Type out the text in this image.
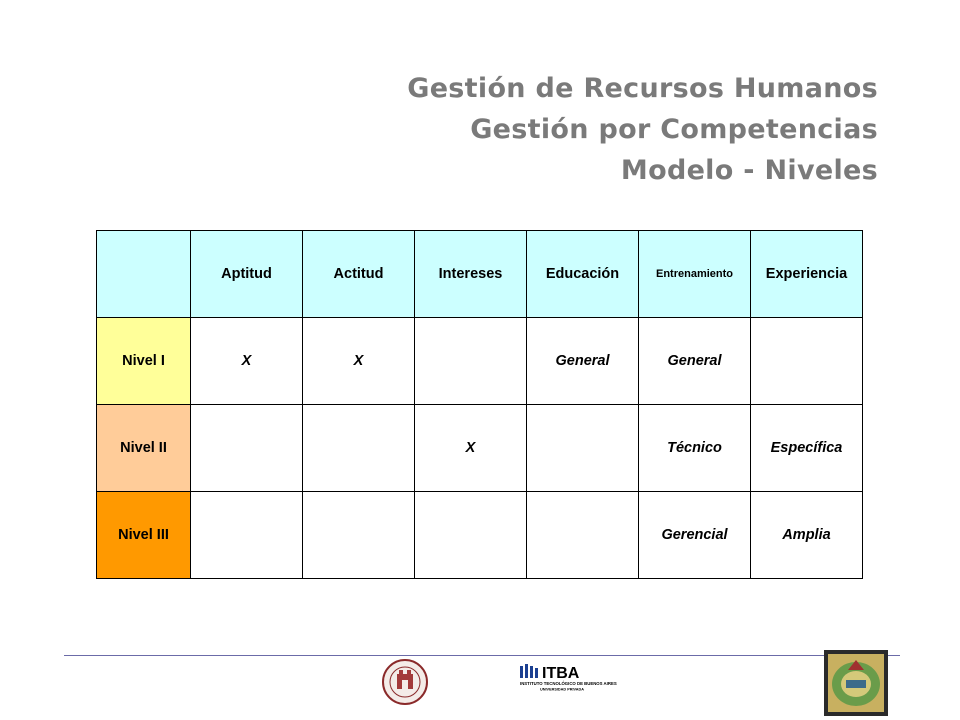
Gestión de Recursos Humanos
Gestión por Competencias
Modelo - Niveles
	Aptitud	Actitud	Intereses	Educación	Entrenamiento	Experiencia
Nivel I	X	X		General	General	
Nivel II			X		Técnico	Específica
Nivel III					Gerencial	Amplia
ITBA
INSTITUTO TECNOLÓGICO DE BUENOS AIRES
UNIVERSIDAD PRIVADA
